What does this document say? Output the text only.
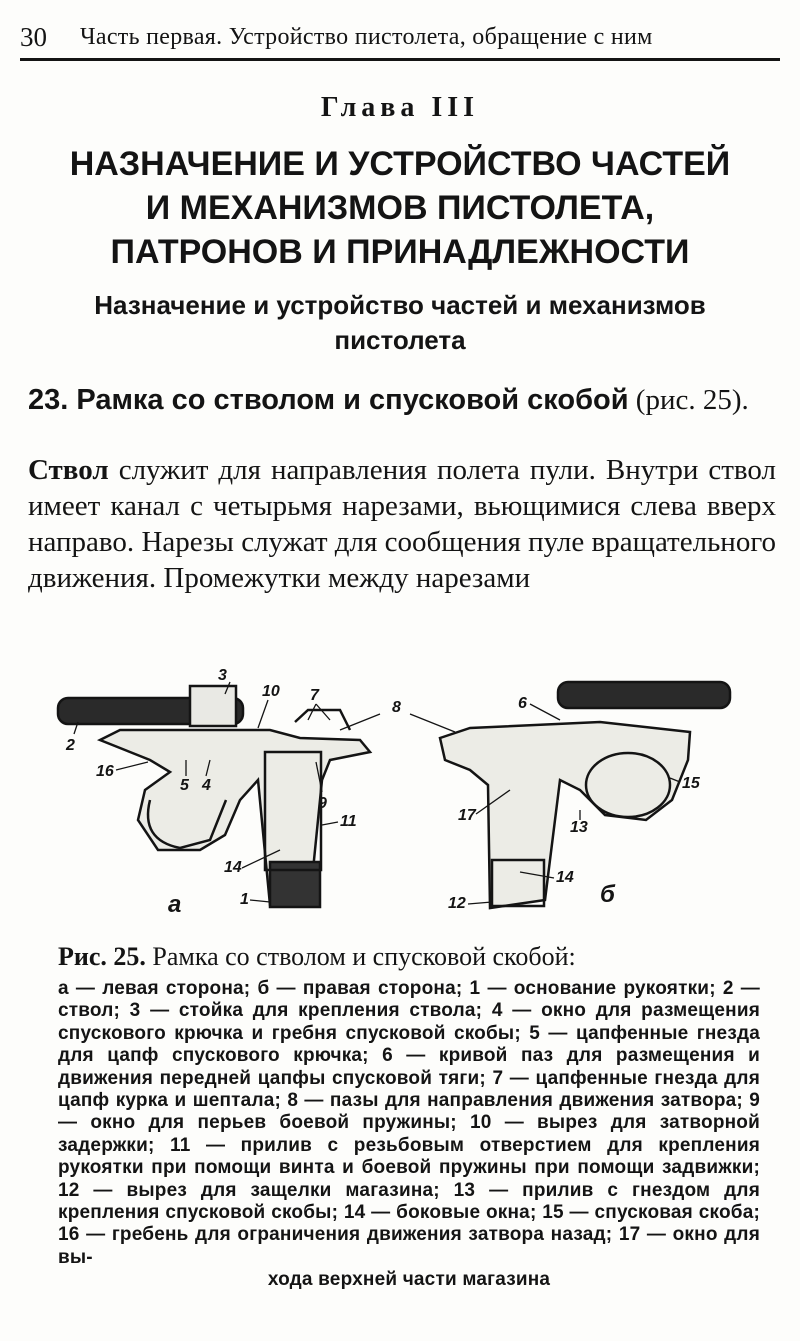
30 Часть первая. Устройство пистолета, обращение с ним
Глава III
НАЗНАЧЕНИЕ И УСТРОЙСТВО ЧАСТЕЙ
И МЕХАНИЗМОВ ПИСТОЛЕТА,
ПАТРОНОВ И ПРИНАДЛЕЖНОСТИ
Назначение и устройство частей и механизмов
пистолета
23. Рамка со стволом и спусковой скобой (рис. 25).
Ствол служит для направления полета пули. Внутри ствол имеет канал с четырьмя нарезами, вьющимися слева вверх направо. Нарезы служат для сообщения пуле вращательного движения. Промежутки между нарезами
3
10 7
8
2
16
5 4
9
11
14
1
а
6
15
17
13
14
12	б
Рис. 25. Рамка со стволом и спусковой скобой:
а — левая сторона; б — правая сторона; 1 — основание рукоятки; 2 — ствол; 3 — стойка для крепления ствола; 4 — окно для размещения спускового крючка и гребня спусковой скобы; 5 — цапфенные гнезда для цапф спускового крючка; 6 — кривой паз для размещения и движения передней цапфы спусковой тяги; 7 — цапфенные гнезда для цапф курка и шептала; 8 — пазы для направления движения затвора; 9 — окно для перьев боевой пружины; 10 — вырез для затворной задержки; 11 — прилив с резьбовым отверстием для крепления рукоятки при помощи винта и боевой пружины при помощи задвижки; 12 — вырез для защелки магазина; 13 — прилив с гнездом для крепления спусковой скобы; 14 — боковые окна; 15 — спусковая скоба; 16 — гребень для ограничения движения затвора назад; 17 — окно для вы-
хода верхней части магазина
